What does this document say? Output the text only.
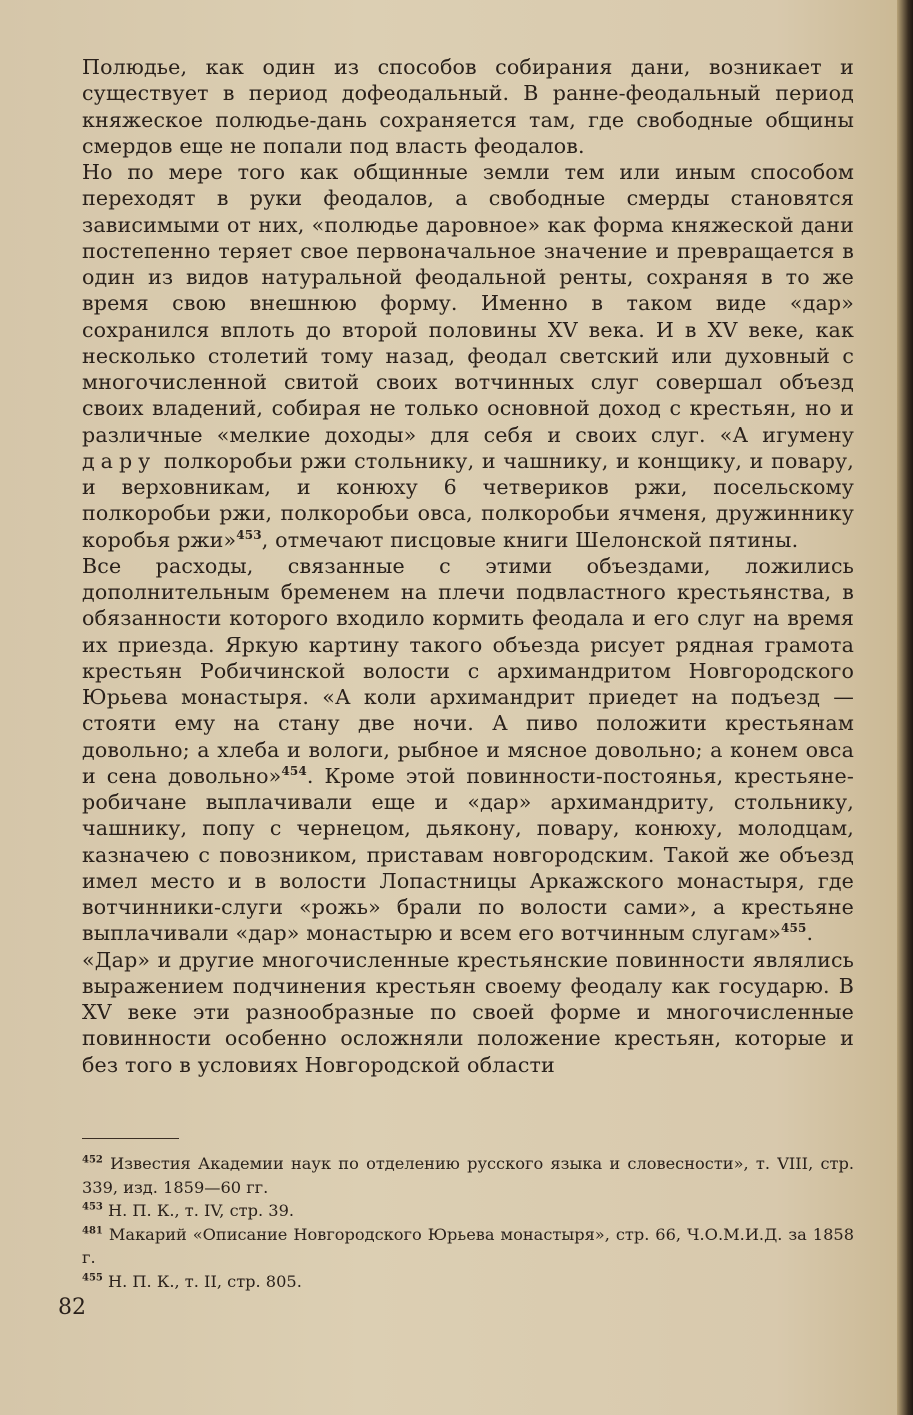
Полюдье, как один из способов собирания дани, возникает и существует в период дофеодальный. В ранне-феодальный период княжеское полюдье-дань сохраняется там, где свободные общины смердов еще не попали под власть феодалов.

Но по мере того как общинные земли тем или иным способом переходят в руки феодалов, а свободные смерды становятся зависимыми от них, «полюдье даровное» как форма княжеской дани постепенно теряет свое первоначальное значение и превращается в один из видов натуральной феодальной ренты, сохраняя в то же время свою внешнюю форму. Именно в таком виде «дар» сохранился вплоть до второй половины XV века. И в XV веке, как несколько столетий тому назад, феодал светский или духовный с многочисленной свитой своих вотчинных слуг совершал объезд своих владений, собирая не только основной доход с крестьян, но и различные «мелкие доходы» для себя и своих слуг. «А игумену дару полкоробьи ржи стольнику, и чашнику, и конщику, и повару, и верховникам, и конюху 6 четвериков ржи, посельскому полкоробьи ржи, полкоробьи овса, полкоробьи ячменя, дружиннику коробья ржи»$^{453}$, отмечают писцовые книги Шелонской пятины.

Все расходы, связанные с этими объездами, ложились дополнительным бременем на плечи подвластного крестьянства, в обязанности которого входило кормить феодала и его слуг на время их приезда. Яркую картину такого объезда рисует рядная грамота крестьян Робичинской волости с архимандритом Новгородского Юрьева монастыря. «А коли архимандрит приедет на подъезд — стояти ему на стану две ночи. А пиво положити крестьянам довольно; а хлеба и вологи, рыбное и мясное довольно; а конем овса и сена довольно»$^{454}$. Кроме этой повинности-постоянья, крестьяне-робичане выплачивали еще и «дар» архимандриту, стольнику, чашнику, попу с чернецом, дьякону, повару, конюху, молодцам, казначею с повозником, приставам новгородским. Такой же объезд имел место и в волости Лопастницы Аркажского монастыря, где вотчинники-слуги «рожь» брали по волости сами», а крестьяне выплачивали «дар» монастырю и всем его вотчинным слугам»$^{455}$.

«Дар» и другие многочисленные крестьянские повинности являлись выражением подчинения крестьян своему феодалу как государю. В XV веке эти разнообразные по своей форме и многочисленные повинности особенно осложняли положение крестьян, которые и без того в условиях Новгородской области

$^{452}$ Известия Академии наук по отделению русского языка и словесности», т. VIII, стр. 339, изд. 1859—60 гг.

$^{453}$ Н. П. К., т. IV, стр. 39.

$^{481}$ Макарий «Описание Новгородского Юрьева монастыря», стр. 66, Ч.О.М.И.Д. за 1858 г.

$^{455}$ Н. П. К., т. II, стр. 805.

82
